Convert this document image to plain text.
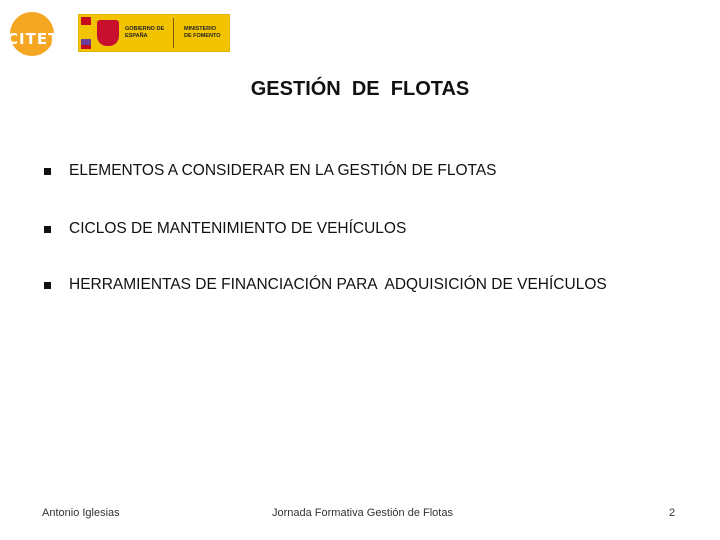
CITET
GOBIERNO DE ESPAÑA
MINISTERIO DE FOMENTO
GESTIÓN  DE  FLOTAS
ELEMENTOS A CONSIDERAR EN LA GESTIÓN DE FLOTAS
CICLOS DE MANTENIMIENTO DE VEHÍCULOS
HERRAMIENTAS DE FINANCIACIÓN PARA  ADQUISICIÓN DE VEHÍCULOS
Antonio Iglesias	Jornada Formativa Gestión de Flotas	2
